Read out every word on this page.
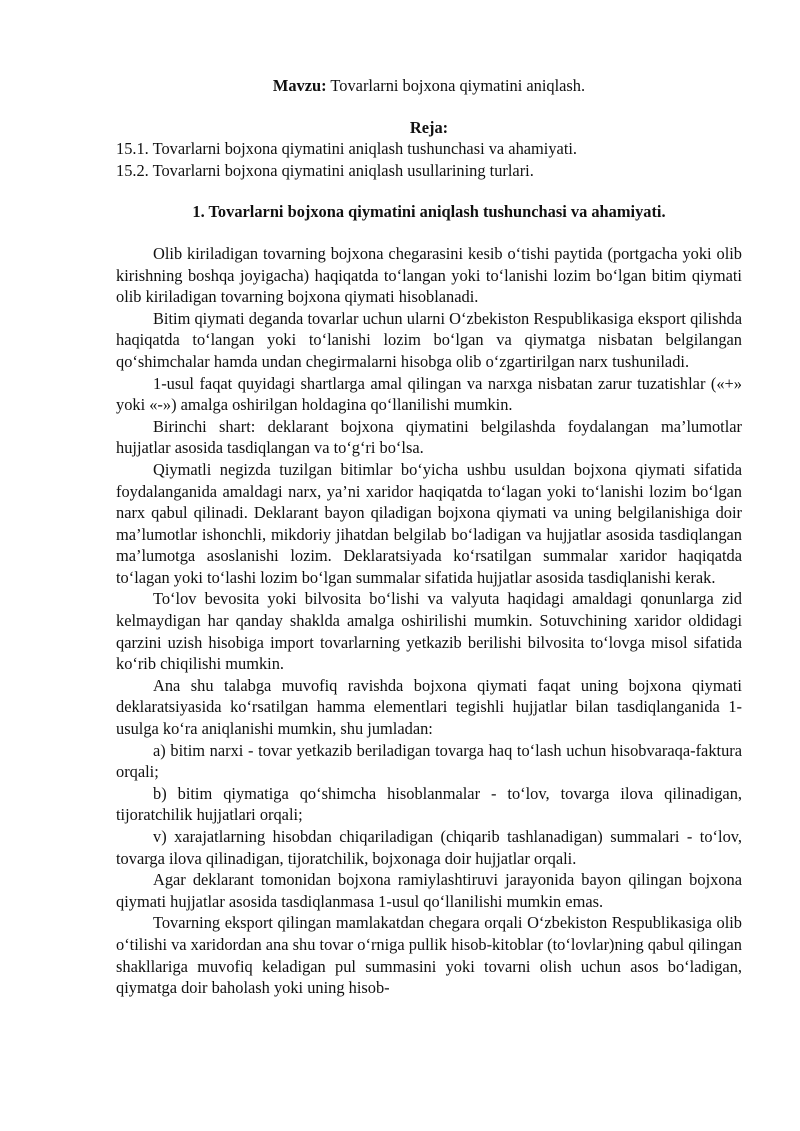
Mavzu: Tovarlarni bojxona qiymatini aniqlash.

Reja:

15.1. Tovarlarni bojxona qiymatini aniqlash tushunchasi va ahamiyati.

15.2. Tovarlarni bojxona qiymatini aniqlash usullarining turlari.

1. Tovarlarni bojxona qiymatini aniqlash tushunchasi va ahamiyati.

Olib kiriladigan tovarning bojxona chegarasini kesib o‘tishi paytida (portgacha yoki olib kirishning boshqa joyigacha) haqiqatda to‘langan yoki to‘lanishi lozim bo‘lgan bitim qiymati olib kiriladigan tovarning bojxona qiymati hisoblanadi.

Bitim qiymati deganda tovarlar uchun ularni O‘zbekiston Respublikasiga eksport qilishda haqiqatda to‘langan yoki to‘lanishi lozim bo‘lgan va qiymatga nisbatan belgilangan qo‘shimchalar hamda undan chegirmalarni hisobga olib o‘zgartirilgan narx tushuniladi.

1-usul faqat quyidagi shartlarga amal qilingan va narxga nisbatan zarur tuzatishlar («+» yoki «-») amalga oshirilgan holdagina qo‘llanilishi mumkin.

Birinchi shart: deklarant bojxona qiymatini belgilashda foydalangan ma’lumotlar hujjatlar asosida tasdiqlangan va to‘g‘ri bo‘lsa.

Qiymatli negizda tuzilgan bitimlar bo‘yicha ushbu usuldan bojxona qiymati sifatida foydalanganida amaldagi narx, ya’ni xaridor haqiqatda to‘lagan yoki to‘lanishi lozim bo‘lgan narx qabul qilinadi. Deklarant bayon qiladigan bojxona qiymati va uning belgilanishiga doir ma’lumotlar ishonchli, mikdoriy jihatdan belgilab bo‘ladigan va hujjatlar asosida tasdiqlangan ma’lumotga asoslanishi lozim. Deklaratsiyada ko‘rsatilgan summalar xaridor haqiqatda to‘lagan yoki to‘lashi lozim bo‘lgan summalar sifatida hujjatlar asosida tasdiqlanishi kerak.

To‘lov bevosita yoki bilvosita bo‘lishi va valyuta haqidagi amaldagi qonunlarga zid kelmaydigan har qanday shaklda amalga oshirilishi mumkin. Sotuvchining xaridor oldidagi qarzini uzish hisobiga import tovarlarning yetkazib berilishi bilvosita to‘lovga misol sifatida ko‘rib chiqilishi mumkin.

Ana shu talabga muvofiq ravishda bojxona qiymati faqat uning bojxona qiymati deklaratsiyasida ko‘rsatilgan hamma elementlari tegishli hujjatlar bilan tasdiqlanganida 1-usulga ko‘ra aniqlanishi mumkin, shu jumladan:

a) bitim narxi - tovar yetkazib beriladigan tovarga haq to‘lash uchun hisobvaraqa-faktura orqali;

b) bitim qiymatiga qo‘shimcha hisoblanmalar - to‘lov, tovarga ilova qilinadigan, tijoratchilik hujjatlari orqali;

v) xarajatlarning hisobdan chiqariladigan (chiqarib tashlanadigan) summalari - to‘lov, tovarga ilova qilinadigan, tijoratchilik, bojxonaga doir hujjatlar orqali.

Agar deklarant tomonidan bojxona ramiylashtiruvi jarayonida bayon qilingan bojxona qiymati hujjatlar asosida tasdiqlanmasa 1-usul qo‘llanilishi mumkin emas.

Tovarning eksport qilingan mamlakatdan chegara orqali O‘zbekiston Respublikasiga olib o‘tilishi va xaridordan ana shu tovar o‘rniga pullik hisob-kitoblar (to‘lovlar)ning qabul qilingan shakllariga muvofiq keladigan pul summasini yoki tovarni olish uchun asos bo‘ladigan, qiymatga doir baholash yoki uning hisob-
